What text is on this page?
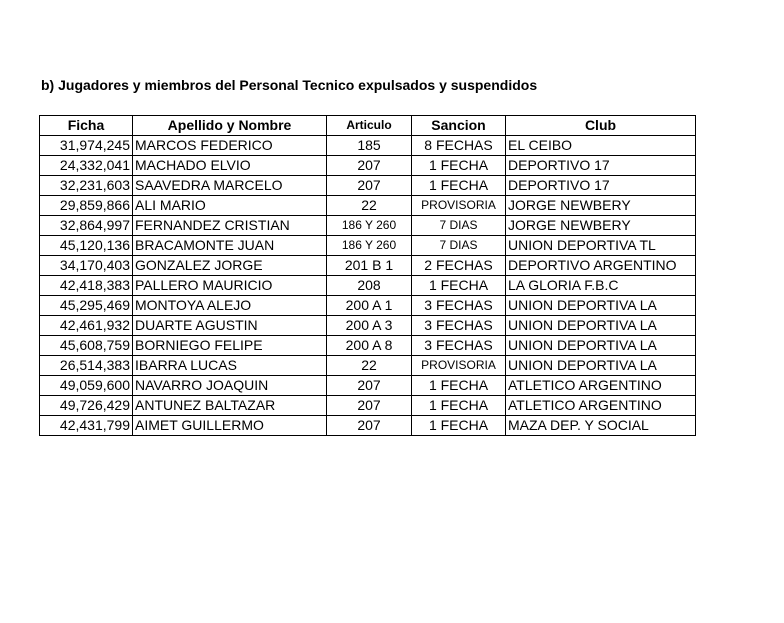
b) Jugadores y miembros del Personal Tecnico expulsados y suspendidos
Ficha	Apellido y Nombre	Articulo	Sancion	Club
31,974,245	MARCOS FEDERICO	185	8 FECHAS	EL CEIBO
24,332,041	MACHADO ELVIO	207	1 FECHA	DEPORTIVO 17
32,231,603	SAAVEDRA MARCELO	207	1 FECHA	DEPORTIVO 17
29,859,866	ALI MARIO	22	PROVISORIA	JORGE NEWBERY
32,864,997	FERNANDEZ CRISTIAN	186 Y 260	7 DIAS	JORGE NEWBERY
45,120,136	BRACAMONTE JUAN	186 Y 260	7 DIAS	UNION DEPORTIVA TL
34,170,403	GONZALEZ JORGE	201 B 1	2 FECHAS	DEPORTIVO ARGENTINO
42,418,383	PALLERO MAURICIO	208	1 FECHA	LA GLORIA F.B.C
45,295,469	MONTOYA ALEJO	200 A 1	3 FECHAS	UNION DEPORTIVA LA
42,461,932	DUARTE AGUSTIN	200 A 3	3 FECHAS	UNION DEPORTIVA LA
45,608,759	BORNIEGO FELIPE	200 A 8	3 FECHAS	UNION DEPORTIVA LA
26,514,383	IBARRA LUCAS	22	PROVISORIA	UNION DEPORTIVA LA
49,059,600	NAVARRO JOAQUIN	207	1 FECHA	ATLETICO ARGENTINO
49,726,429	ANTUNEZ BALTAZAR	207	1 FECHA	ATLETICO ARGENTINO
42,431,799	AIMET GUILLERMO	207	1 FECHA	MAZA DEP. Y SOCIAL
